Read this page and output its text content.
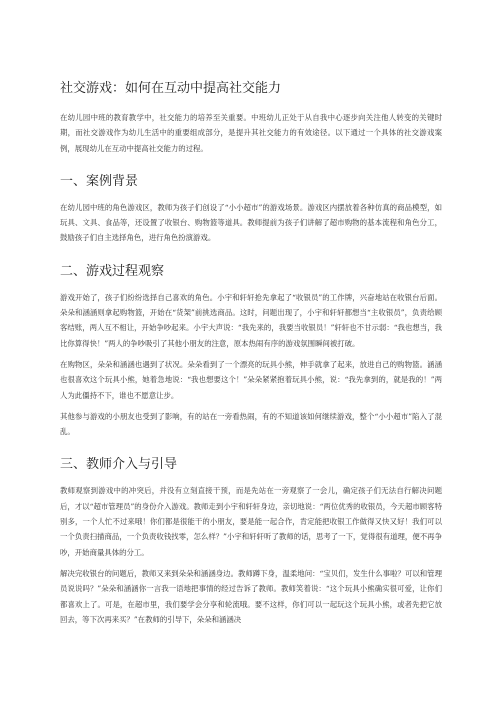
社交游戏：如何在互动中提高社交能力

在幼儿园中班的教育教学中，社交能力的培养至关重要。中班幼儿正处于从自我中心逐步向关注他人转变的关键时期，而社交游戏作为幼儿生活中的重要组成部分，是提升其社交能力的有效途径。以下通过一个具体的社交游戏案例，展现幼儿在互动中提高社交能力的过程。

一、案例背景

在幼儿园中班的角色游戏区，教师为孩子们创设了“小小超市”的游戏场景。游戏区内摆放着各种仿真的商品模型，如玩具、文具、食品等，还设置了收银台、购物篮等道具。教师提前为孩子们讲解了超市购物的基本流程和角色分工，鼓励孩子们自主选择角色，进行角色扮演游戏。

二、游戏过程观察

游戏开始了，孩子们纷纷选择自己喜欢的角色。小宇和轩轩抢先拿起了“收银员”的工作牌，兴奋地站在收银台后面。朵朵和涵涵则拿起购物篮，开始在“货架”前挑选商品。这时，问题出现了，小宇和轩轩都想当“主收银员”，负责给顾客结账，两人互不相让，开始争吵起来。小宇大声说：“我先来的，我要当收银员！”轩轩也不甘示弱：“我也想当，我比你算得快！”两人的争吵吸引了其他小朋友的注意，原本热闹有序的游戏氛围瞬间被打破。

在购物区，朵朵和涵涵也遇到了状况。朵朵看到了一个漂亮的玩具小熊，伸手就拿了起来，放进自己的购物篮。涵涵也很喜欢这个玩具小熊，她着急地说：“我也想要这个！”朵朵紧紧抱着玩具小熊，说：“我先拿到的，就是我的！”两人为此僵持不下，谁也不愿意让步。

其他参与游戏的小朋友也受到了影响，有的站在一旁看热闹，有的不知道该如何继续游戏，整个“小小超市”陷入了混乱。

三、教师介入与引导

教师观察到游戏中的冲突后，并没有立刻直接干预，而是先站在一旁观察了一会儿，确定孩子们无法自行解决问题后，才以“超市管理员”的身份介入游戏。教师走到小宇和轩轩身边，亲切地说：“两位优秀的收银员，今天超市顾客特别多，一个人忙不过来哦！你们都是很能干的小朋友，要是能一起合作，肯定能把收银工作做得又快又好！我们可以一个负责扫描商品，一个负责收钱找零，怎么样？”小宇和轩轩听了教师的话，思考了一下，觉得很有道理，便不再争吵，开始商量具体的分工。

解决完收银台的问题后，教师又来到朵朵和涵涵身边。教师蹲下身，温柔地问：“宝贝们，发生什么事啦？可以和管理员说说吗？”朵朵和涵涵你一言我一语地把事情的经过告诉了教师。教师笑着说：“这个玩具小熊确实很可爱，让你们都喜欢上了。可是，在超市里，我们要学会分享和轮流哦。要不这样，你们可以一起玩这个玩具小熊，或者先把它放回去，等下次再来买？”在教师的引导下，朵朵和涵涵决
